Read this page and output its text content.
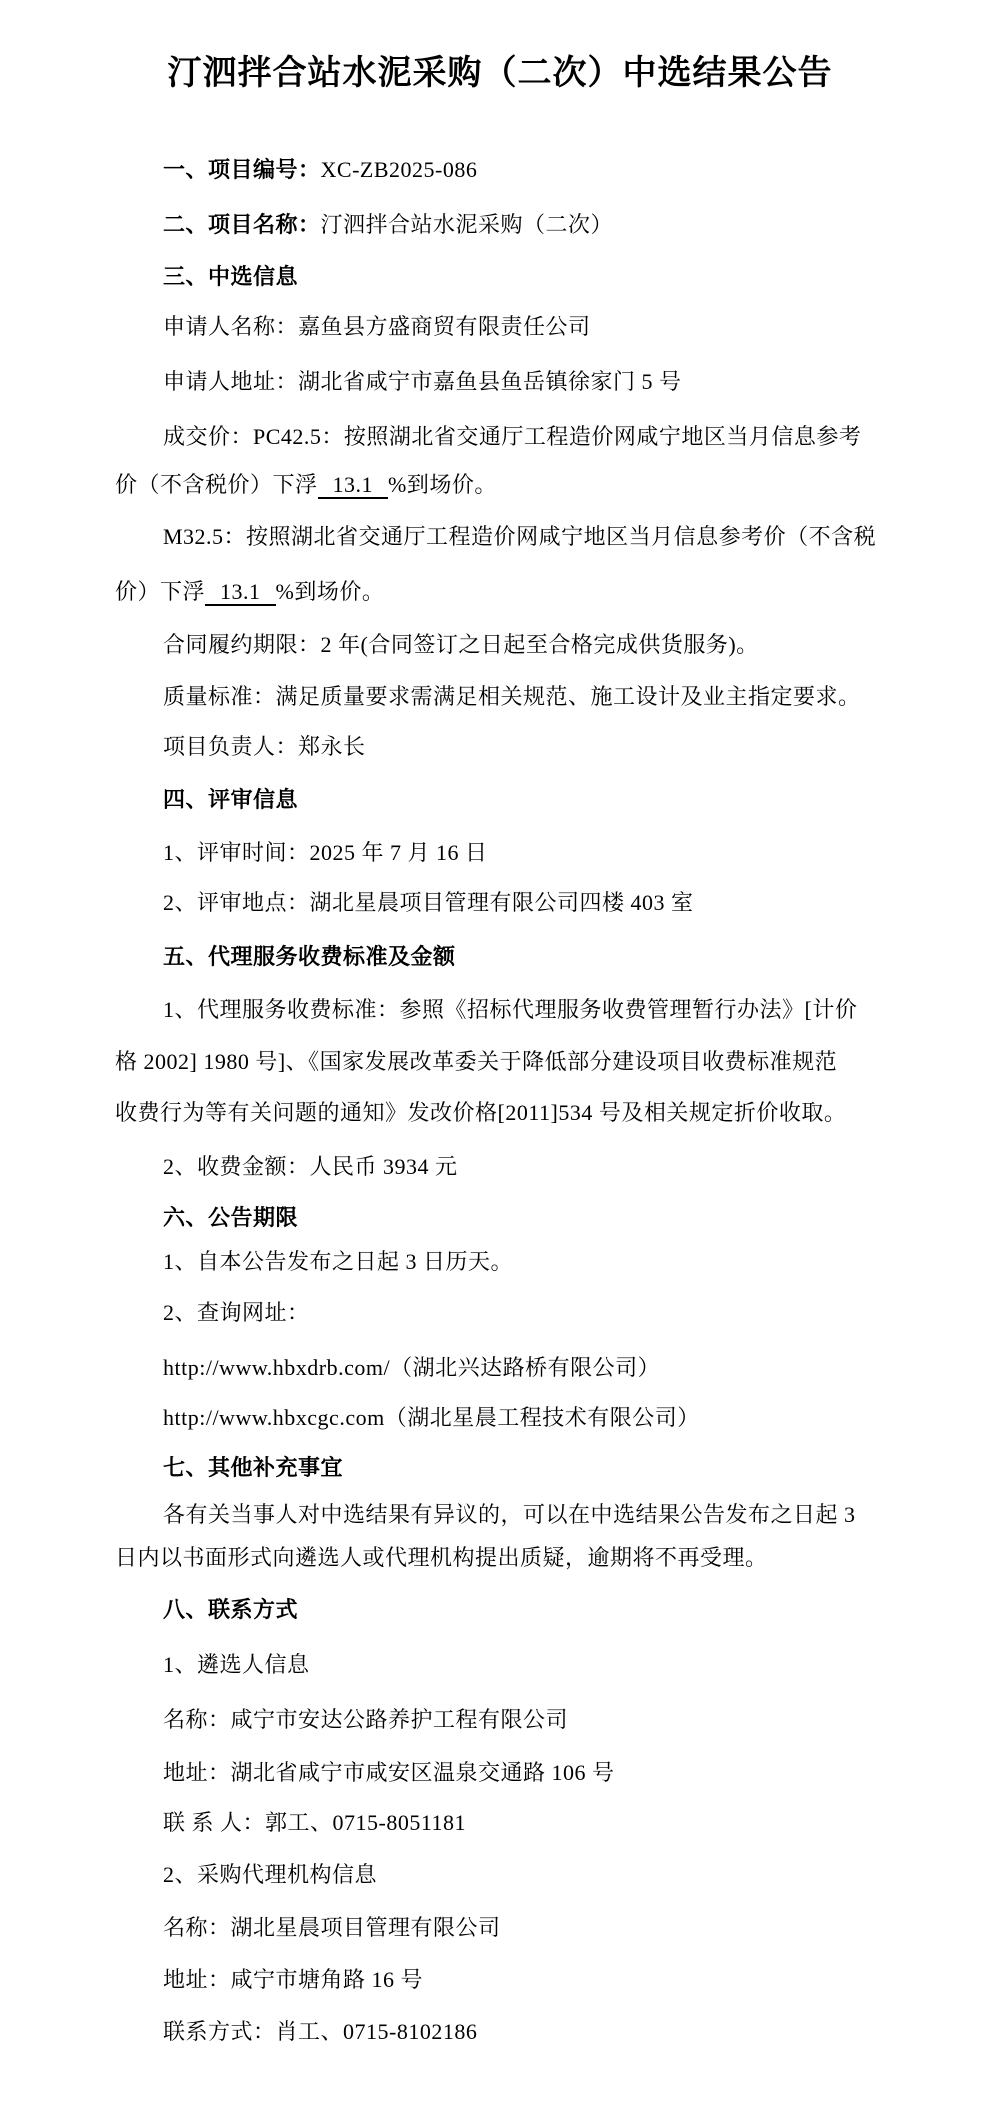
汀泗拌合站水泥采购（二次）中选结果公告

一、项目编号：XC-ZB2025-086

二、项目名称：汀泗拌合站水泥采购（二次）

三、中选信息

申请人名称：嘉鱼县方盛商贸有限责任公司

申请人地址：湖北省咸宁市嘉鱼县鱼岳镇徐家门 5 号

成交价：PC42.5：按照湖北省交通厅工程造价网咸宁地区当月信息参考

价（不含税价）下浮 13.1 %到场价。

M32.5：按照湖北省交通厅工程造价网咸宁地区当月信息参考价（不含税

价）下浮 13.1 %到场价。

合同履约期限：2 年(合同签订之日起至合格完成供货服务)。

质量标准：满足质量要求需满足相关规范、施工设计及业主指定要求。

项目负责人：郑永长

四、评审信息

1、评审时间：2025 年 7 月 16 日

2、评审地点：湖北星晨项目管理有限公司四楼 403 室

五、代理服务收费标准及金额

1、代理服务收费标准：参照《招标代理服务收费管理暂行办法》[计价

格 2002] 1980 号]、《国家发展改革委关于降低部分建设项目收费标准规范

收费行为等有关问题的通知》发改价格[2011]534 号及相关规定折价收取。

2、收费金额：人民币 3934 元

六、公告期限

1、自本公告发布之日起 3 日历天。

2、查询网址：

http://www.hbxdrb.com/（湖北兴达路桥有限公司）

http://www.hbxcgc.com（湖北星晨工程技术有限公司）

七、其他补充事宜

各有关当事人对中选结果有异议的，可以在中选结果公告发布之日起 3

日内以书面形式向遴选人或代理机构提出质疑，逾期将不再受理。

八、联系方式

1、遴选人信息

名称：咸宁市安达公路养护工程有限公司

地址：湖北省咸宁市咸安区温泉交通路 106 号

联 系 人：郭工、0715-8051181

2、采购代理机构信息

名称：湖北星晨项目管理有限公司

地址：咸宁市塘角路 16 号

联系方式：肖工、0715-8102186
